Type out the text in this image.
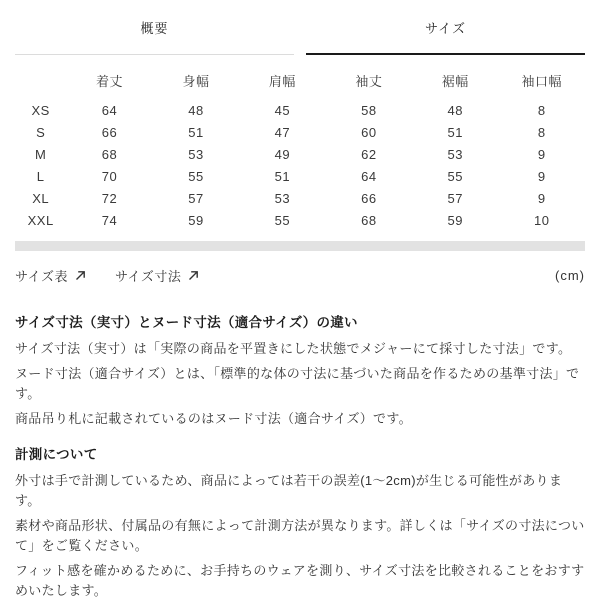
概要	サイズ
	着丈	身幅	肩幅	袖丈	裾幅	袖口幅
XS	64	48	45	58	48	8
S	66	51	47	60	51	8
M	68	53	49	62	53	9
L	70	55	51	64	55	9
XL	72	57	53	66	57	9
XXL	74	59	55	68	59	10
サイズ表	サイズ寸法	(cm)
サイズ寸法（実寸）とヌード寸法（適合サイズ）の違い

サイズ寸法（実寸）は「実際の商品を平置きにした状態でメジャーにて採寸した寸法」です。

ヌード寸法（適合サイズ）とは、「標準的な体の寸法に基づいた商品を作るための基準寸法」です。

商品吊り札に記載されているのはヌード寸法（適合サイズ）です。

計測について

外寸は手で計測しているため、商品によっては若干の誤差(1～2cm)が生じる可能性があります。

素材や商品形状、付属品の有無によって計測方法が異なります。詳しくは「サイズの寸法について」をご覧ください。

フィット感を確かめるために、お手持ちのウェアを測り、サイズ寸法を比較されることをおすすめいたします。
